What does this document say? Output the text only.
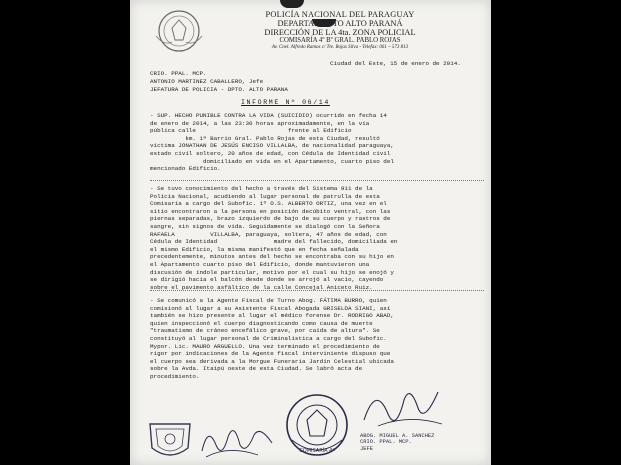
POLICÍA NACIONAL DEL PARAGUAY
DEPARTAMENTO ALTO PARANÁ
DIRECCIÓN DE LA 4ta. ZONA POLICIAL
COMISARÍA 4º Bº GRAL. PABLO ROJAS
Av. Cnel. Alfredo Ramos c/ Tte. Rojas Silva - Telefax: 061 – 573 813
Ciudad del Este, 15 de enero de 2014.
CRIO. PPAL. MCP.
ANTONIO MARTINEZ CABALLERO, Jefe
JEFATURA DE POLICIA - DPTO. ALTO PARANA
INFORME Nº 06/14
- SUP. HECHO PUNIBLE CONTRA LA VIDA (SUICIDIO) ocurrido en fecha 14
de enero de 2014, a las 23:30 horas aproximadamente, en la vía
pública calle                          frente al Edificio
km. 1ª Barrio Gral. Pablo Rojas de esta Ciudad, resultó
víctima JONATHAN DE JESÚS ENCISO VILLALBA, de nacionalidad paraguaya,
estado civil soltero, 20 años de edad, con Cédula de Identidad civil
domiciliado en vida en el Apartamento, cuarto piso del
mencionado Edificio.
- Se tuvo conocimiento del hecho a través del Sistema 911 de la
Policía Nacional, acudiendo al lugar personal de patrulla de esta
Comisaría a cargo del Subofic. 1º O.S. ALBERTO ORTIZ, una vez en el
sitio encontraron a la persona en posición decúbito ventral, con las
piernas separadas, brazo izquierdo de bajo de su cuerpo y rastros de
sangre, sin signos de vida. Seguidamente se dialogó con la Señora
RAFAELA          VILLALBA, paraguaya, soltera, 47 años de edad, con
Cédula de Identidad                madre del fallecido, domiciliada en
el mismo Edificio, la misma manifestó que en fecha señalada
precedentemente, minutos antes del hecho se encontraba con su hijo en
el Apartamento cuarto piso del Edificio, donde mantuvieron una
discusión de índole particular, motivo por el cual su hijo se enojó y
se dirigió hacia el balcón desde donde se arrojó al vacío, cayendo
sobre el pavimento asfáltico de la calle Concejal Aniceto Ruiz.
- Se comunicó a la Agente Fiscal de Turno Abog. FÁTIMA BURRO, quien
comisionó al lugar a su Asistente Fiscal Abogada GRISELDA SIANI, así
también se hizo presente al lugar el médico forense Dr. RODRIGO ABAD,
quien inspeccionó el cuerpo diagnosticando como causa de muerte
"traumatismo de cráneo encefálico grave, por caída de altura". Se
constituyó al lugar personal de Criminalística a cargo del Subofic.
Mypor. Lic. MAURO ARGUELLO. Una vez terminado el procedimiento de
rigor por indicaciones de la Agente fiscal interviniente dispuso que
el cuerpo sea derivada a la Morgue Funeraria Jardín Celestial ubicada
sobre la Avda. Itaipú oeste de esta Ciudad. Se labró acta de
procedimiento.
COMISARÍA 4ª
ABOG. MIGUEL A. SANCHEZ
CRIO. PPAL. MCP.
JEFE
